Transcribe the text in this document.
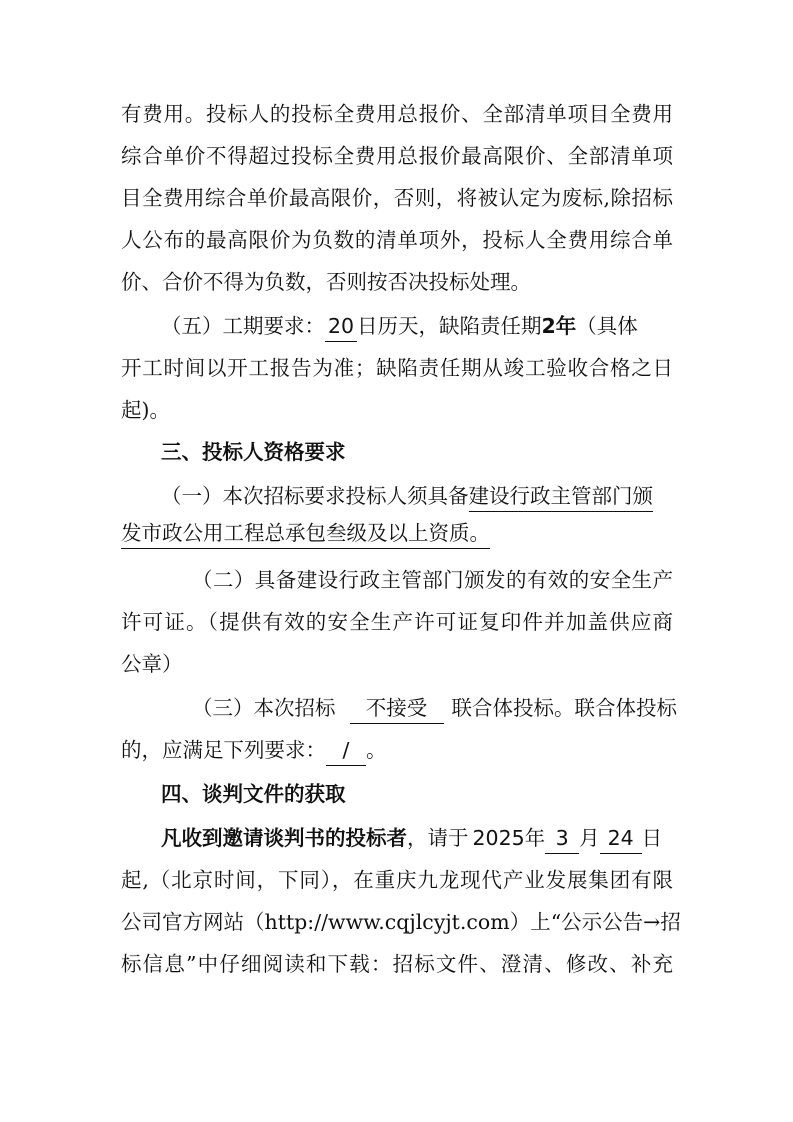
有费用。投标人的投标全费用总报价、全部清单项目全费用
综合单价不得超过投标全费用总报价最高限价、全部清单项
目全费用综合单价最高限价，否则，将被认定为废标,除招标
人公布的最高限价为负数的清单项外，投标人全费用综合单
价、合价不得为负数，否则按否决投标处理。
（五）工期要求： 20 日历天，缺陷责任期2年（具体
开工时间以开工报告为准；缺陷责任期从竣工验收合格之日
起)。
三、投标人资格要求
（一）本次招标要求投标人须具备建设行政主管部门颁
发市政公用工程总承包叁级及以上资质。
（二）具备建设行政主管部门颁发的有效的安全生产
许可证。（提供有效的安全生产许可证复印件并加盖供应商
公章）
（三）本次招标 不接受 联合体投标。联合体投标
的，应满足下列要求： / 。
四、谈判文件的获取
凡收到邀请谈判书的投标者，请于 2025年 3 月 24 日
起,（北京时间，下同），在重庆九龙现代产业发展集团有限
公司官方网站（http://www.cqjlcyjt.com）上“公示公告→招
标信息”中仔细阅读和下载：招标文件、澄清、修改、补充
